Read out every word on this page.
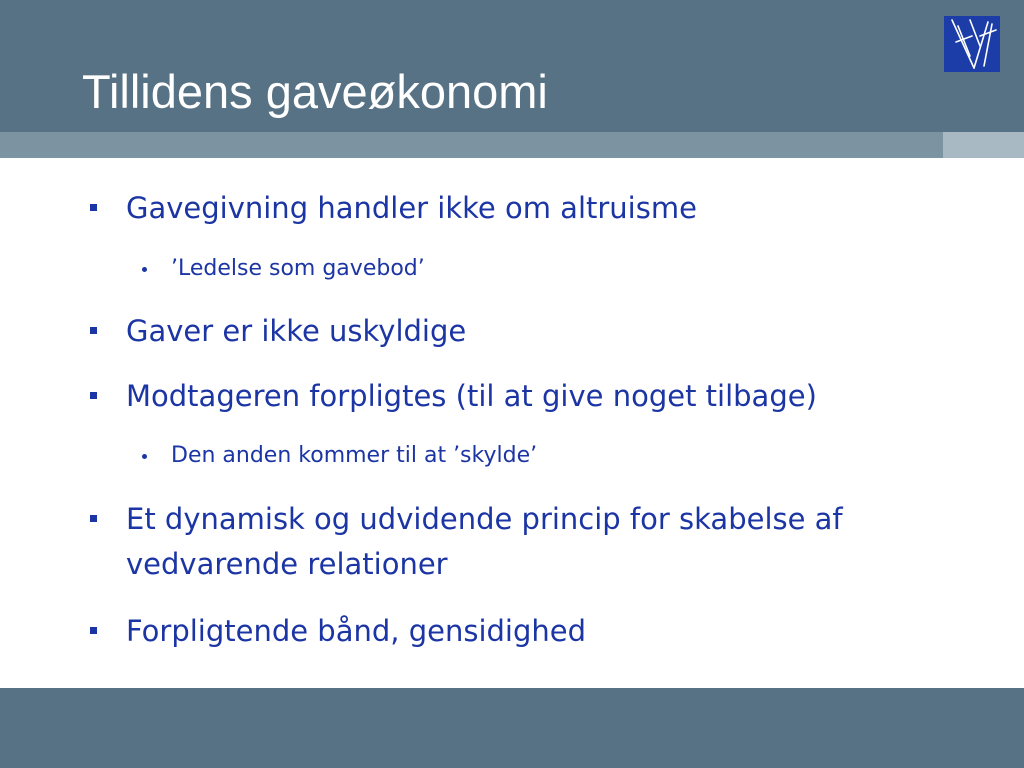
Tillidens gaveøkonomi
Gavegivning handler ikke om altruisme
’Ledelse som gavebod’
Gaver er ikke uskyldige
Modtageren forpligtes (til at give noget tilbage)
Den anden kommer til at ’skylde’
Et dynamisk og udvidende princip for skabelse af
vedvarende relationer
Forpligtende bånd, gensidighed
